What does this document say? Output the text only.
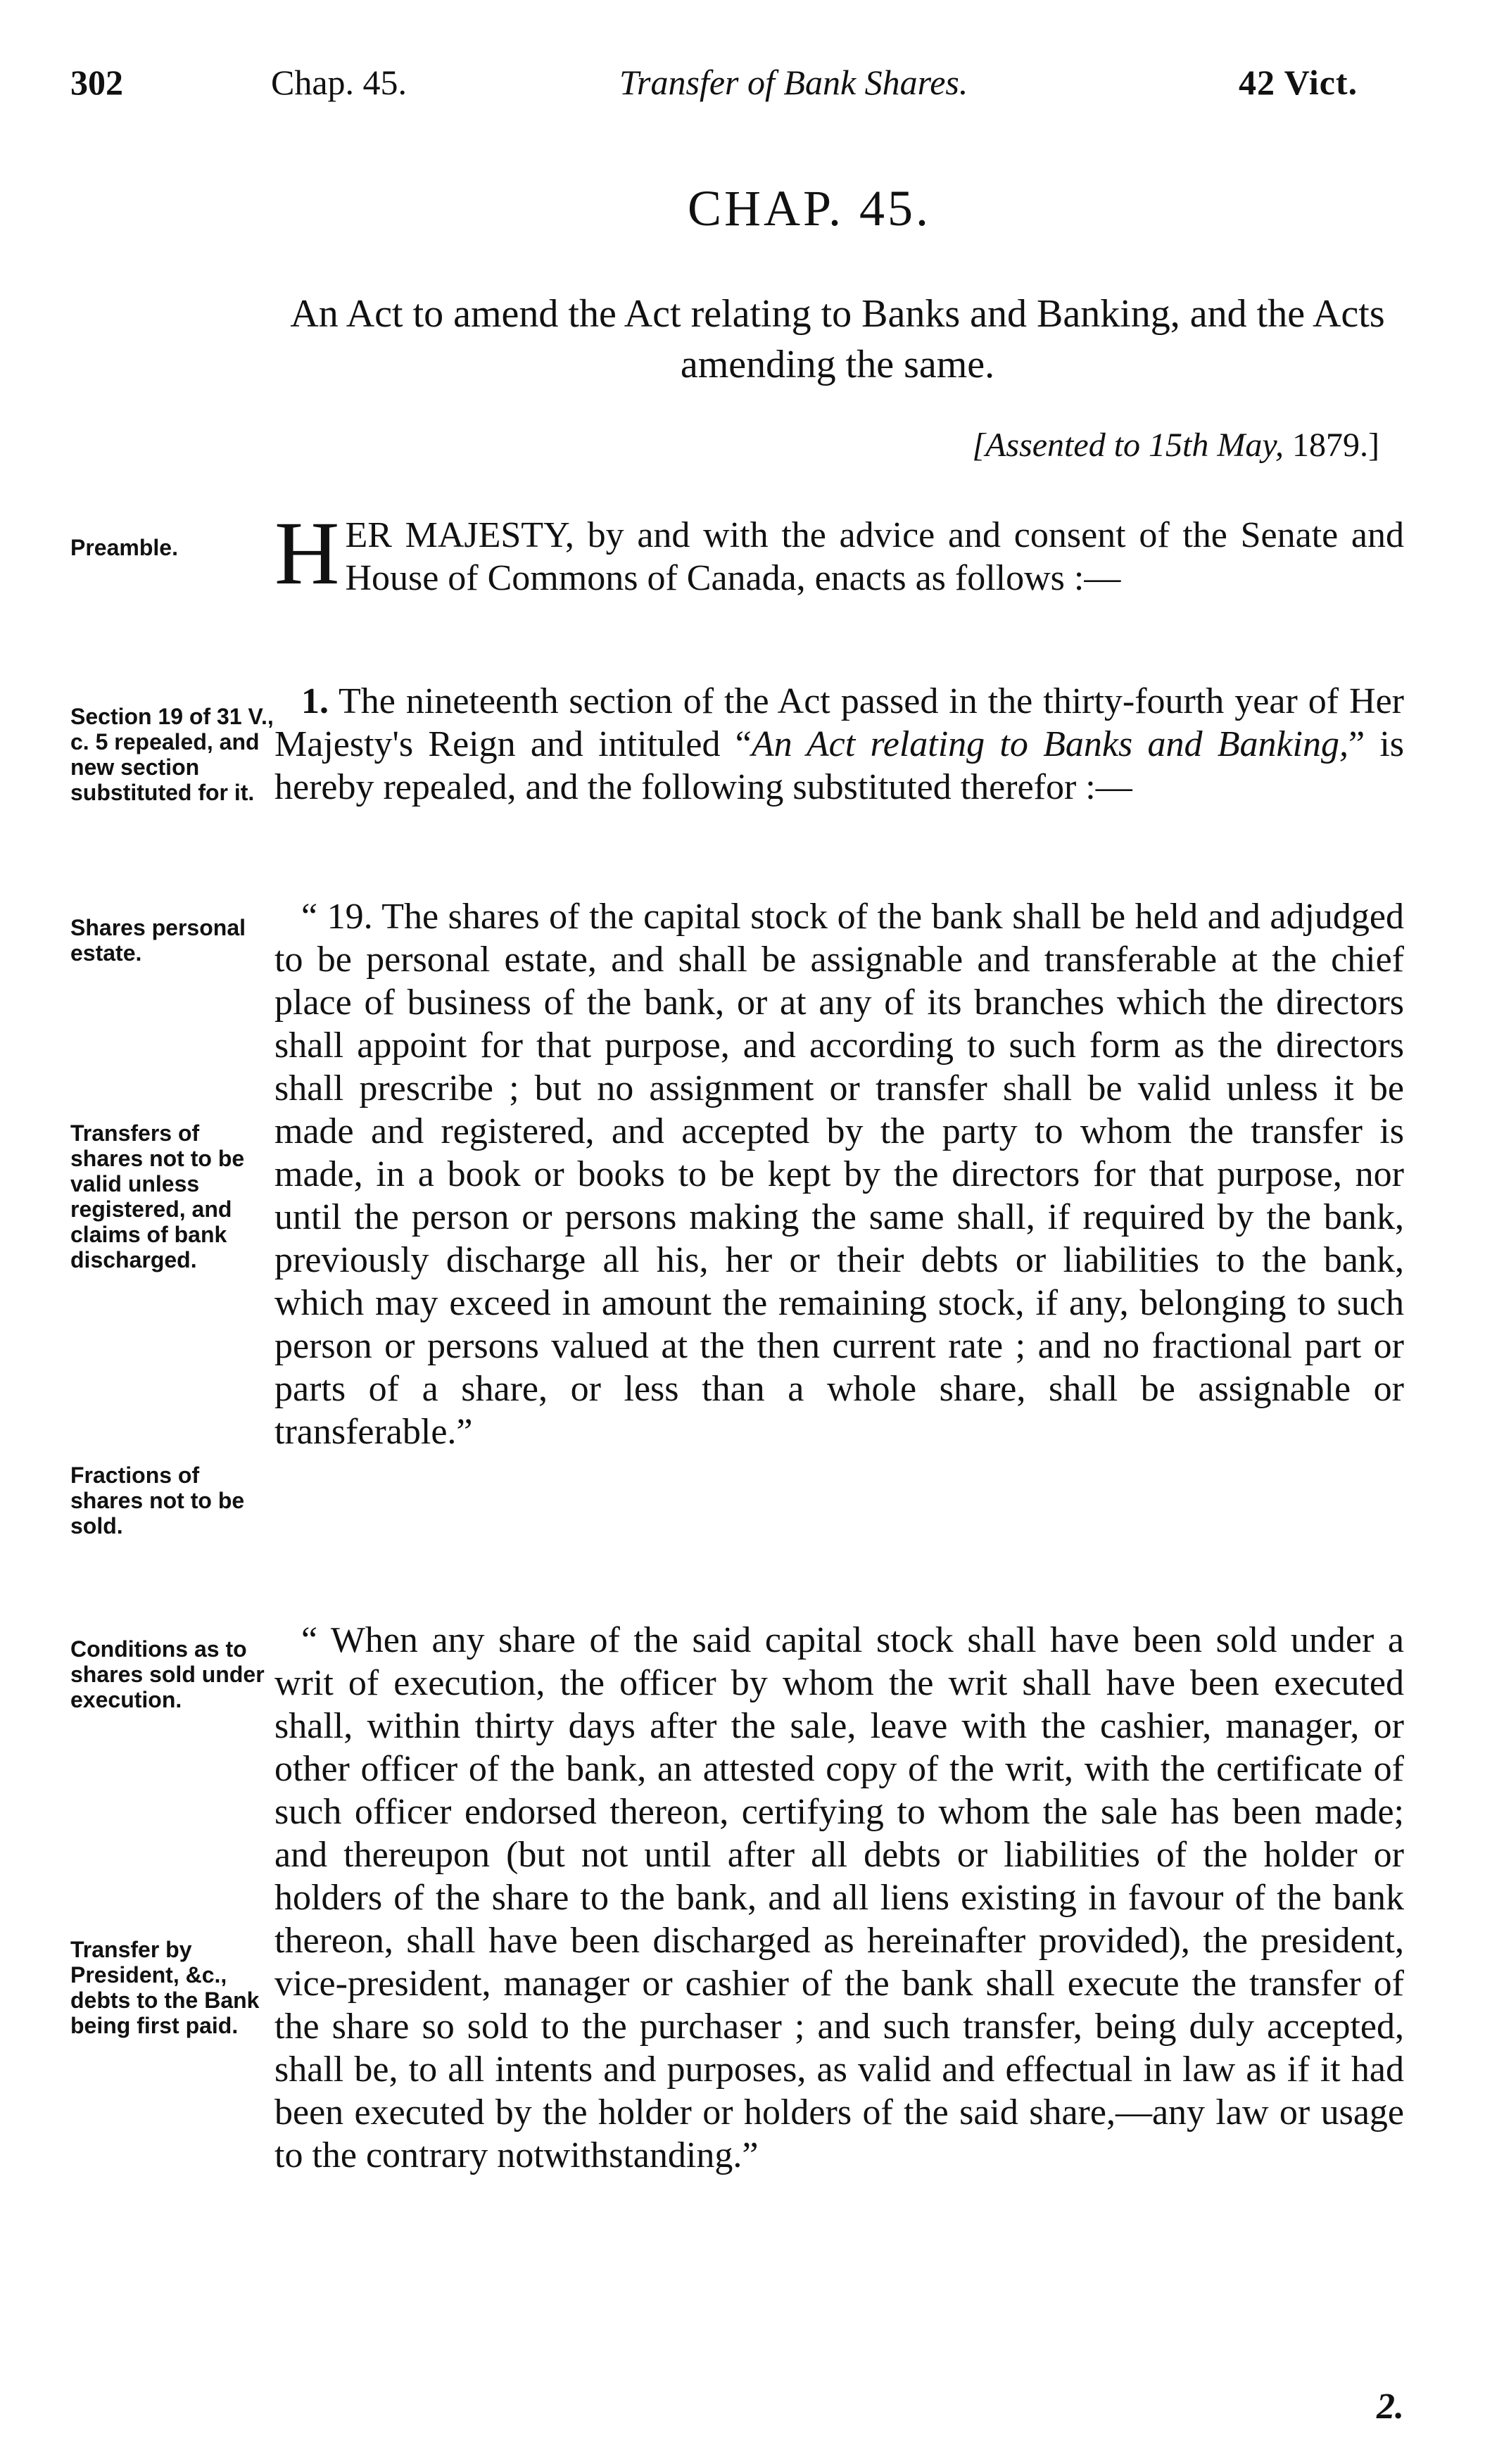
302	Chap. 45.	Transfer of Bank Shares.	42 Vict.
CHAP. 45.
An Act to amend the Act relating to Banks and Banking, and the Acts amending the same.
[Assented to 15th May, 1879.]
Preamble.	HER MAJESTY, by and with the advice and consent of the Senate and House of Commons of Canada, enacts as follows :—

Section 19 of 31 V., c. 5 repealed, and new section substituted for it.

1. The nineteenth section of the Act passed in the thirty-fourth year of Her Majesty's Reign and intituled “An Act relating to Banks and Banking,” is hereby repealed, and the following substituted therefor :—

Shares personal estate.
Transfers of shares not to be valid unless registered, and claims of bank discharged.
Fractions of shares not to be sold.

“ 19. The shares of the capital stock of the bank shall be held and adjudged to be personal estate, and shall be assignable and transferable at the chief place of business of the bank, or at any of its branches which the directors shall appoint for that purpose, and according to such form as the directors shall prescribe ; but no assignment or transfer shall be valid unless it be made and registered, and accepted by the party to whom the transfer is made, in a book or books to be kept by the directors for that purpose, nor until the person or persons making the same shall, if required by the bank, previously discharge all his, her or their debts or liabilities to the bank, which may exceed in amount the remaining stock, if any, belonging to such person or persons valued at the then current rate ; and no fractional part or parts of a share, or less than a whole share, shall be assignable or transferable.”

Conditions as to shares sold under execution.
Transfer by President, &c., debts to the Bank being first paid.

“ When any share of the said capital stock shall have been sold under a writ of execution, the officer by whom the writ shall have been executed shall, within thirty days after the sale, leave with the cashier, manager, or other officer of the bank, an attested copy of the writ, with the certificate of such officer endorsed thereon, certifying to whom the sale has been made; and thereupon (but not until after all debts or liabilities of the holder or holders of the share to the bank, and all liens existing in favour of the bank thereon, shall have been discharged as hereinafter provided), the president, vice-president, manager or cashier of the bank shall execute the transfer of the share so sold to the purchaser ; and such transfer, being duly accepted, shall be, to all intents and purposes, as valid and effectual in law as if it had been executed by the holder or holders of the said share,—any law or usage to the contrary notwithstanding.”

2.
